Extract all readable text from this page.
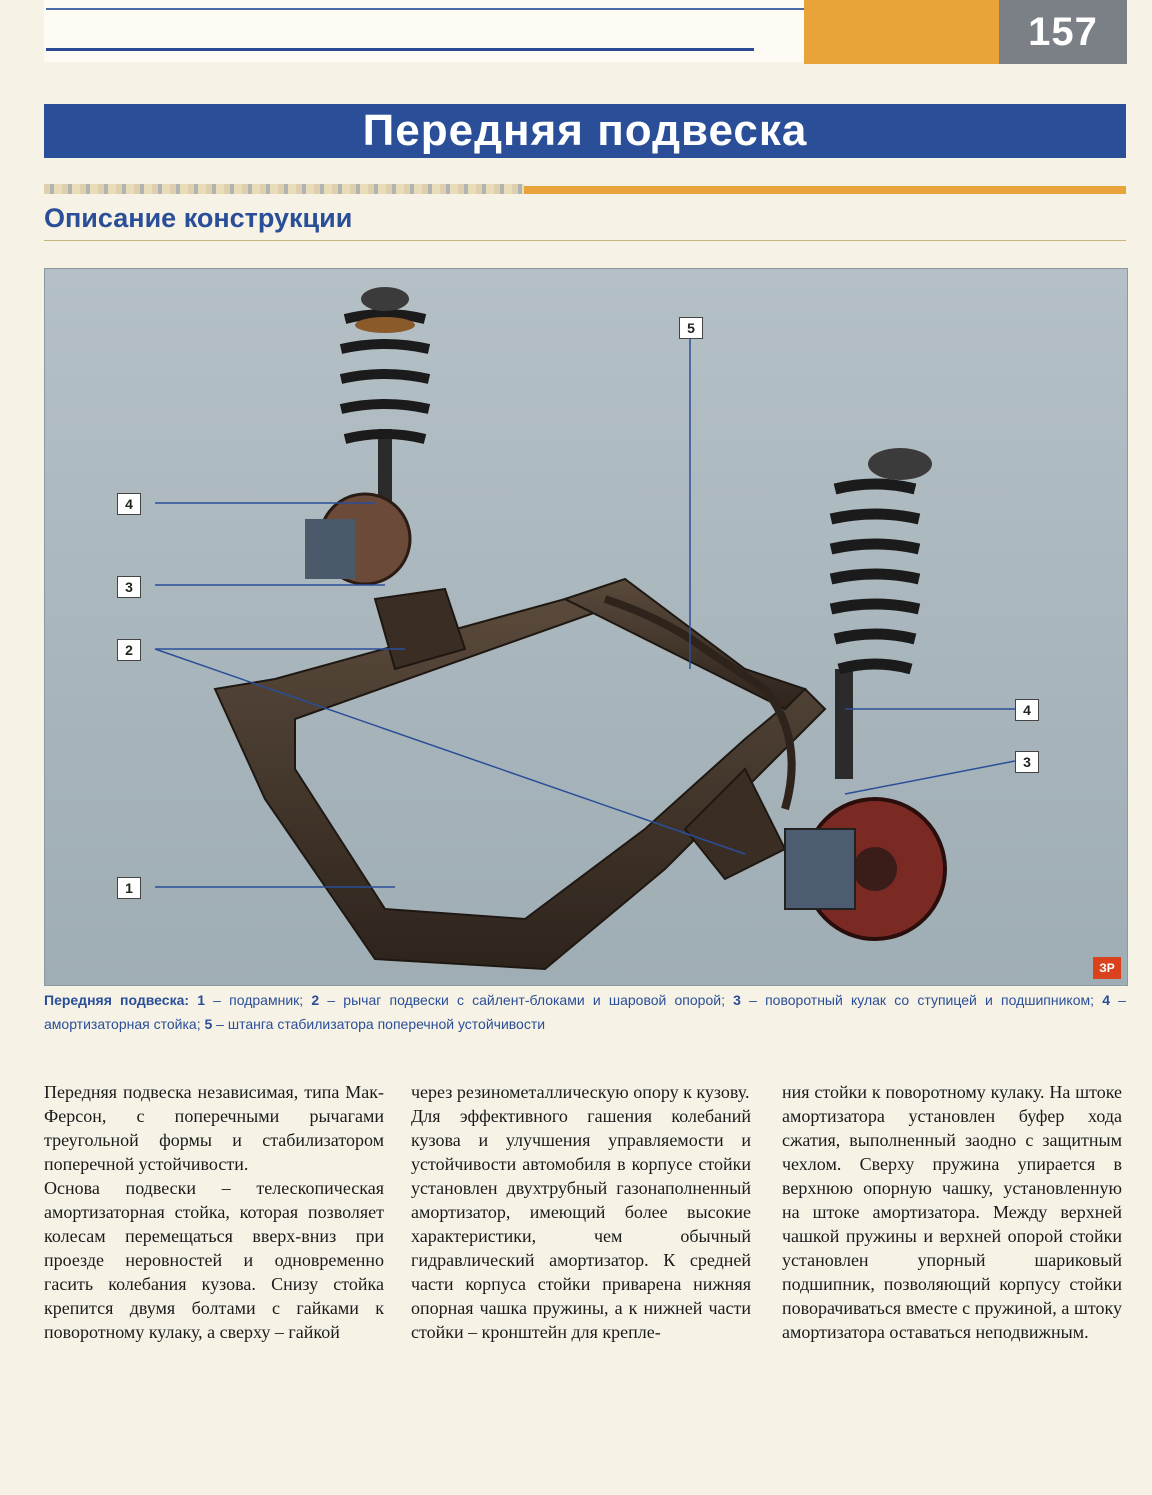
157
Передняя подвеска
Описание конструкции
4
3
2
1
5
4
3
ЗР
Передняя подвеска: 1 – подрамник; 2 – рычаг подвески с сайлент-блоками и шаровой опорой; 3 – поворотный кулак со ступицей и подшипником; 4 – амортизаторная стойка; 5 – штанга стабилизатора поперечной устойчивости

Передняя подвеска независимая, типа Мак-Ферсон, с поперечными рычагами треугольной формы и стабилизатором поперечной устойчивости.

Основа подвески – телескопическая амортизаторная стойка, которая позволяет колесам перемещаться вверх-вниз при проезде неровностей и одновременно гасить колебания кузова. Снизу стойка крепится двумя болтами с гайками к поворотному кулаку, а сверху – гайкой

через резинометаллическую опору к кузову.

Для эффективного гашения колебаний кузова и улучшения управляемости и устойчивости автомобиля в корпусе стойки установлен двухтрубный газонаполненный амортизатор, имеющий более высокие характеристики, чем обычный гидравлический амортизатор. К средней части корпуса стойки приварена нижняя опорная чашка пружины, а к нижней части стойки – кронштейн для крепле-

ния стойки к поворотному кулаку. На штоке амортизатора установлен буфер хода сжатия, выполненный заодно с защитным чехлом. Сверху пружина упирается в верхнюю опорную чашку, установленную на штоке амортизатора. Между верхней чашкой пружины и верхней опорой стойки установлен упорный шариковый подшипник, позволяющий корпусу стойки поворачиваться вместе с пружиной, а штоку амортизатора оставаться неподвижным.
